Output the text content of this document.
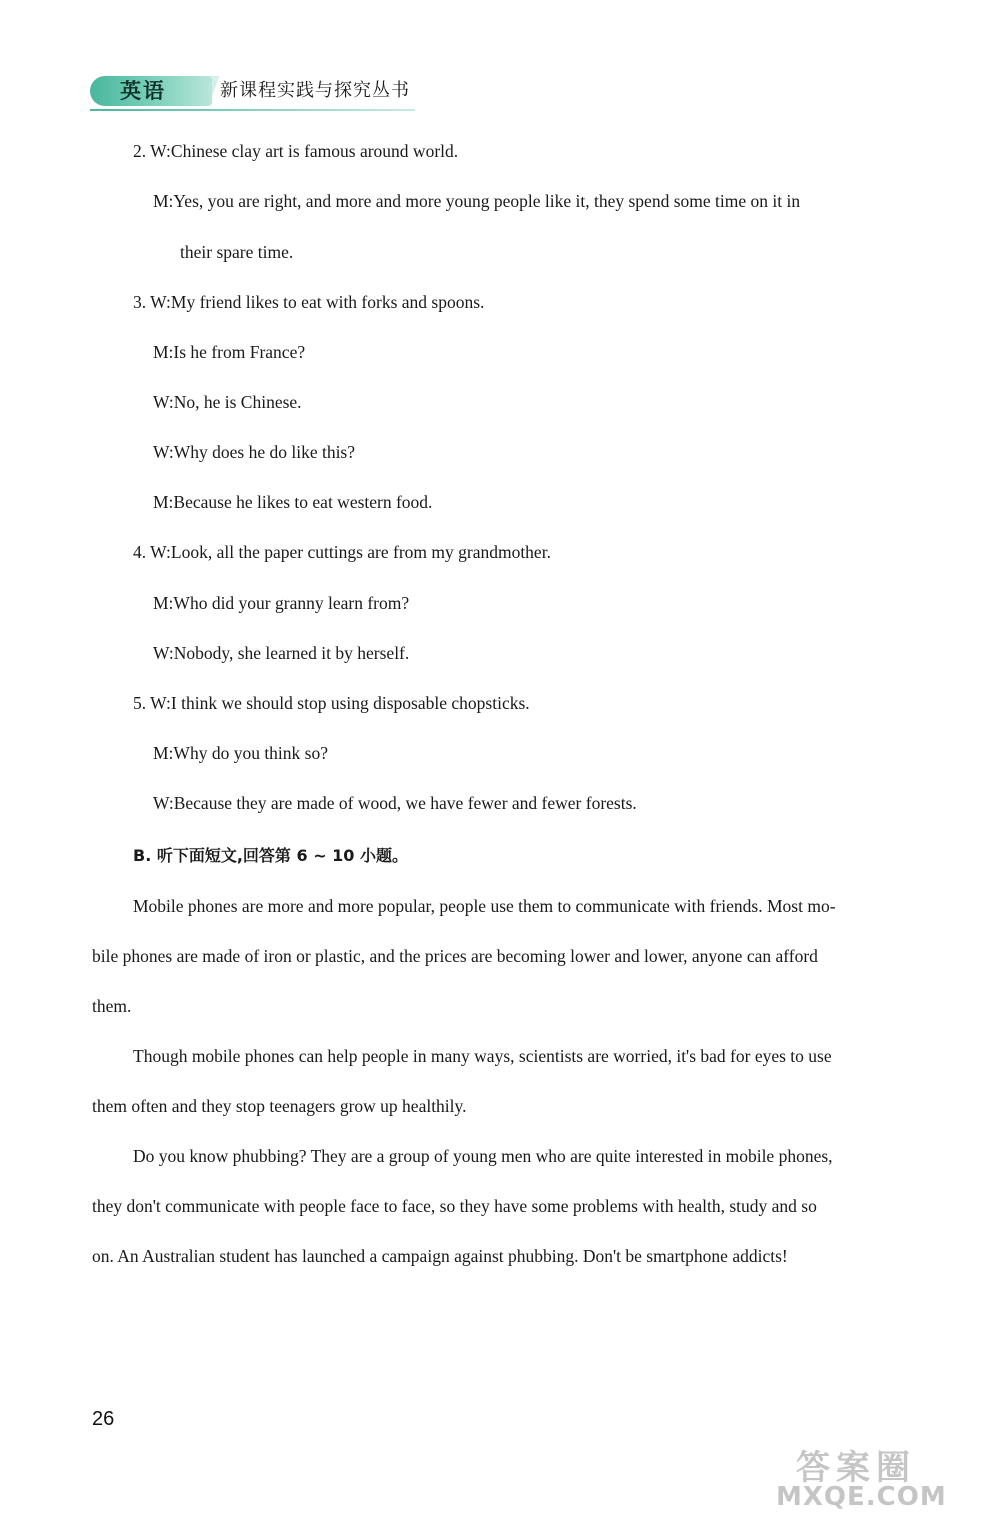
英语	新课程实践与探究丛书
2. W:Chinese clay art is famous around world.
M:Yes, you are right, and more and more young people like it, they spend some time on it in
their spare time.
3. W:My friend likes to eat with forks and spoons.
M:Is he from France?
W:No, he is Chinese.
W:Why does he do like this?
M:Because he likes to eat western food.
4. W:Look, all the paper cuttings are from my grandmother.
M:Who did your granny learn from?
W:Nobody, she learned it by herself.
5. W:I think we should stop using disposable chopsticks.
M:Why do you think so?
W:Because they are made of wood, we have fewer and fewer forests.
B. 听下面短文,回答第 6 ~ 10 小题。
Mobile phones are more and more popular, people use them to communicate with friends. Most mo-
bile phones are made of iron or plastic, and the prices are becoming lower and lower, anyone can afford
them.
Though mobile phones can help people in many ways, scientists are worried, it's bad for eyes to use
them often and they stop teenagers grow up healthily.
Do you know phubbing? They are a group of young men who are quite interested in mobile phones,
they don't communicate with people face to face, so they have some problems with health, study and so
on. An Australian student has launched a campaign against phubbing. Don't be smartphone addicts!
26
答案圈
MXQE.COM
